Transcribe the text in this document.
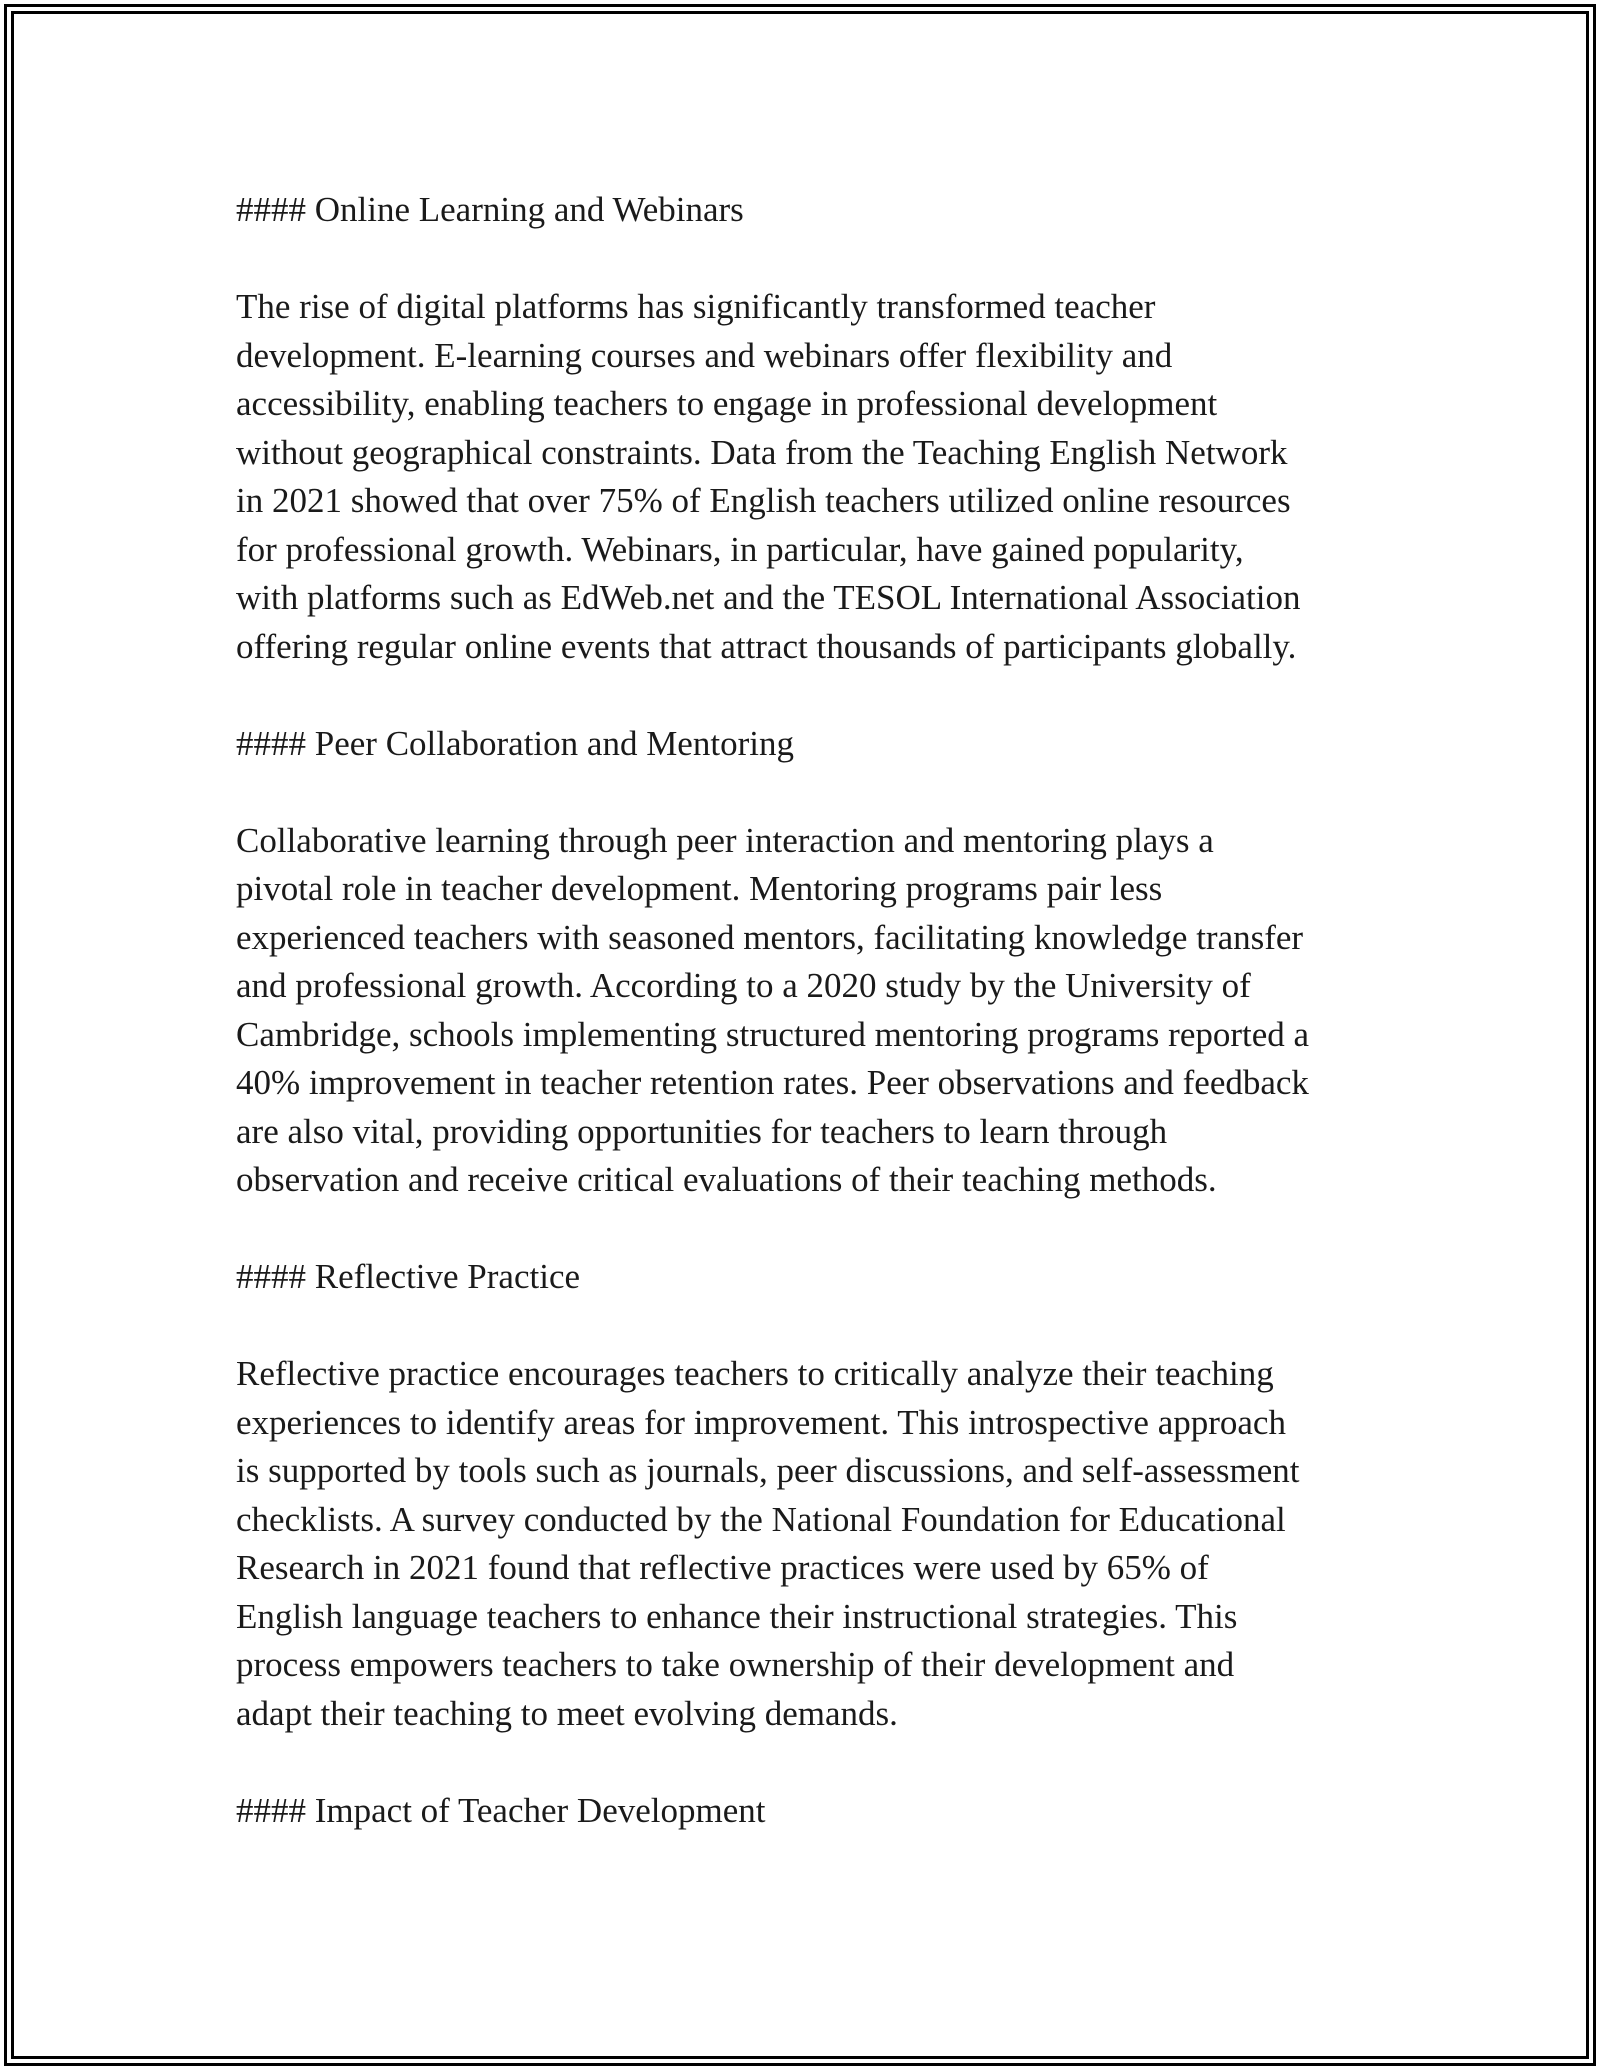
#### Online Learning and Webinars

The rise of digital platforms has significantly transformed teacher
development. E-learning courses and webinars offer flexibility and
accessibility, enabling teachers to engage in professional development
without geographical constraints. Data from the Teaching English Network
in 2021 showed that over 75% of English teachers utilized online resources
for professional growth. Webinars, in particular, have gained popularity,
with platforms such as EdWeb.net and the TESOL International Association
offering regular online events that attract thousands of participants globally.

#### Peer Collaboration and Mentoring

Collaborative learning through peer interaction and mentoring plays a
pivotal role in teacher development. Mentoring programs pair less
experienced teachers with seasoned mentors, facilitating knowledge transfer
and professional growth. According to a 2020 study by the University of
Cambridge, schools implementing structured mentoring programs reported a
40% improvement in teacher retention rates. Peer observations and feedback
are also vital, providing opportunities for teachers to learn through
observation and receive critical evaluations of their teaching methods.

#### Reflective Practice

Reflective practice encourages teachers to critically analyze their teaching
experiences to identify areas for improvement. This introspective approach
is supported by tools such as journals, peer discussions, and self-assessment
checklists. A survey conducted by the National Foundation for Educational
Research in 2021 found that reflective practices were used by 65% of
English language teachers to enhance their instructional strategies. This
process empowers teachers to take ownership of their development and
adapt their teaching to meet evolving demands.

#### Impact of Teacher Development
